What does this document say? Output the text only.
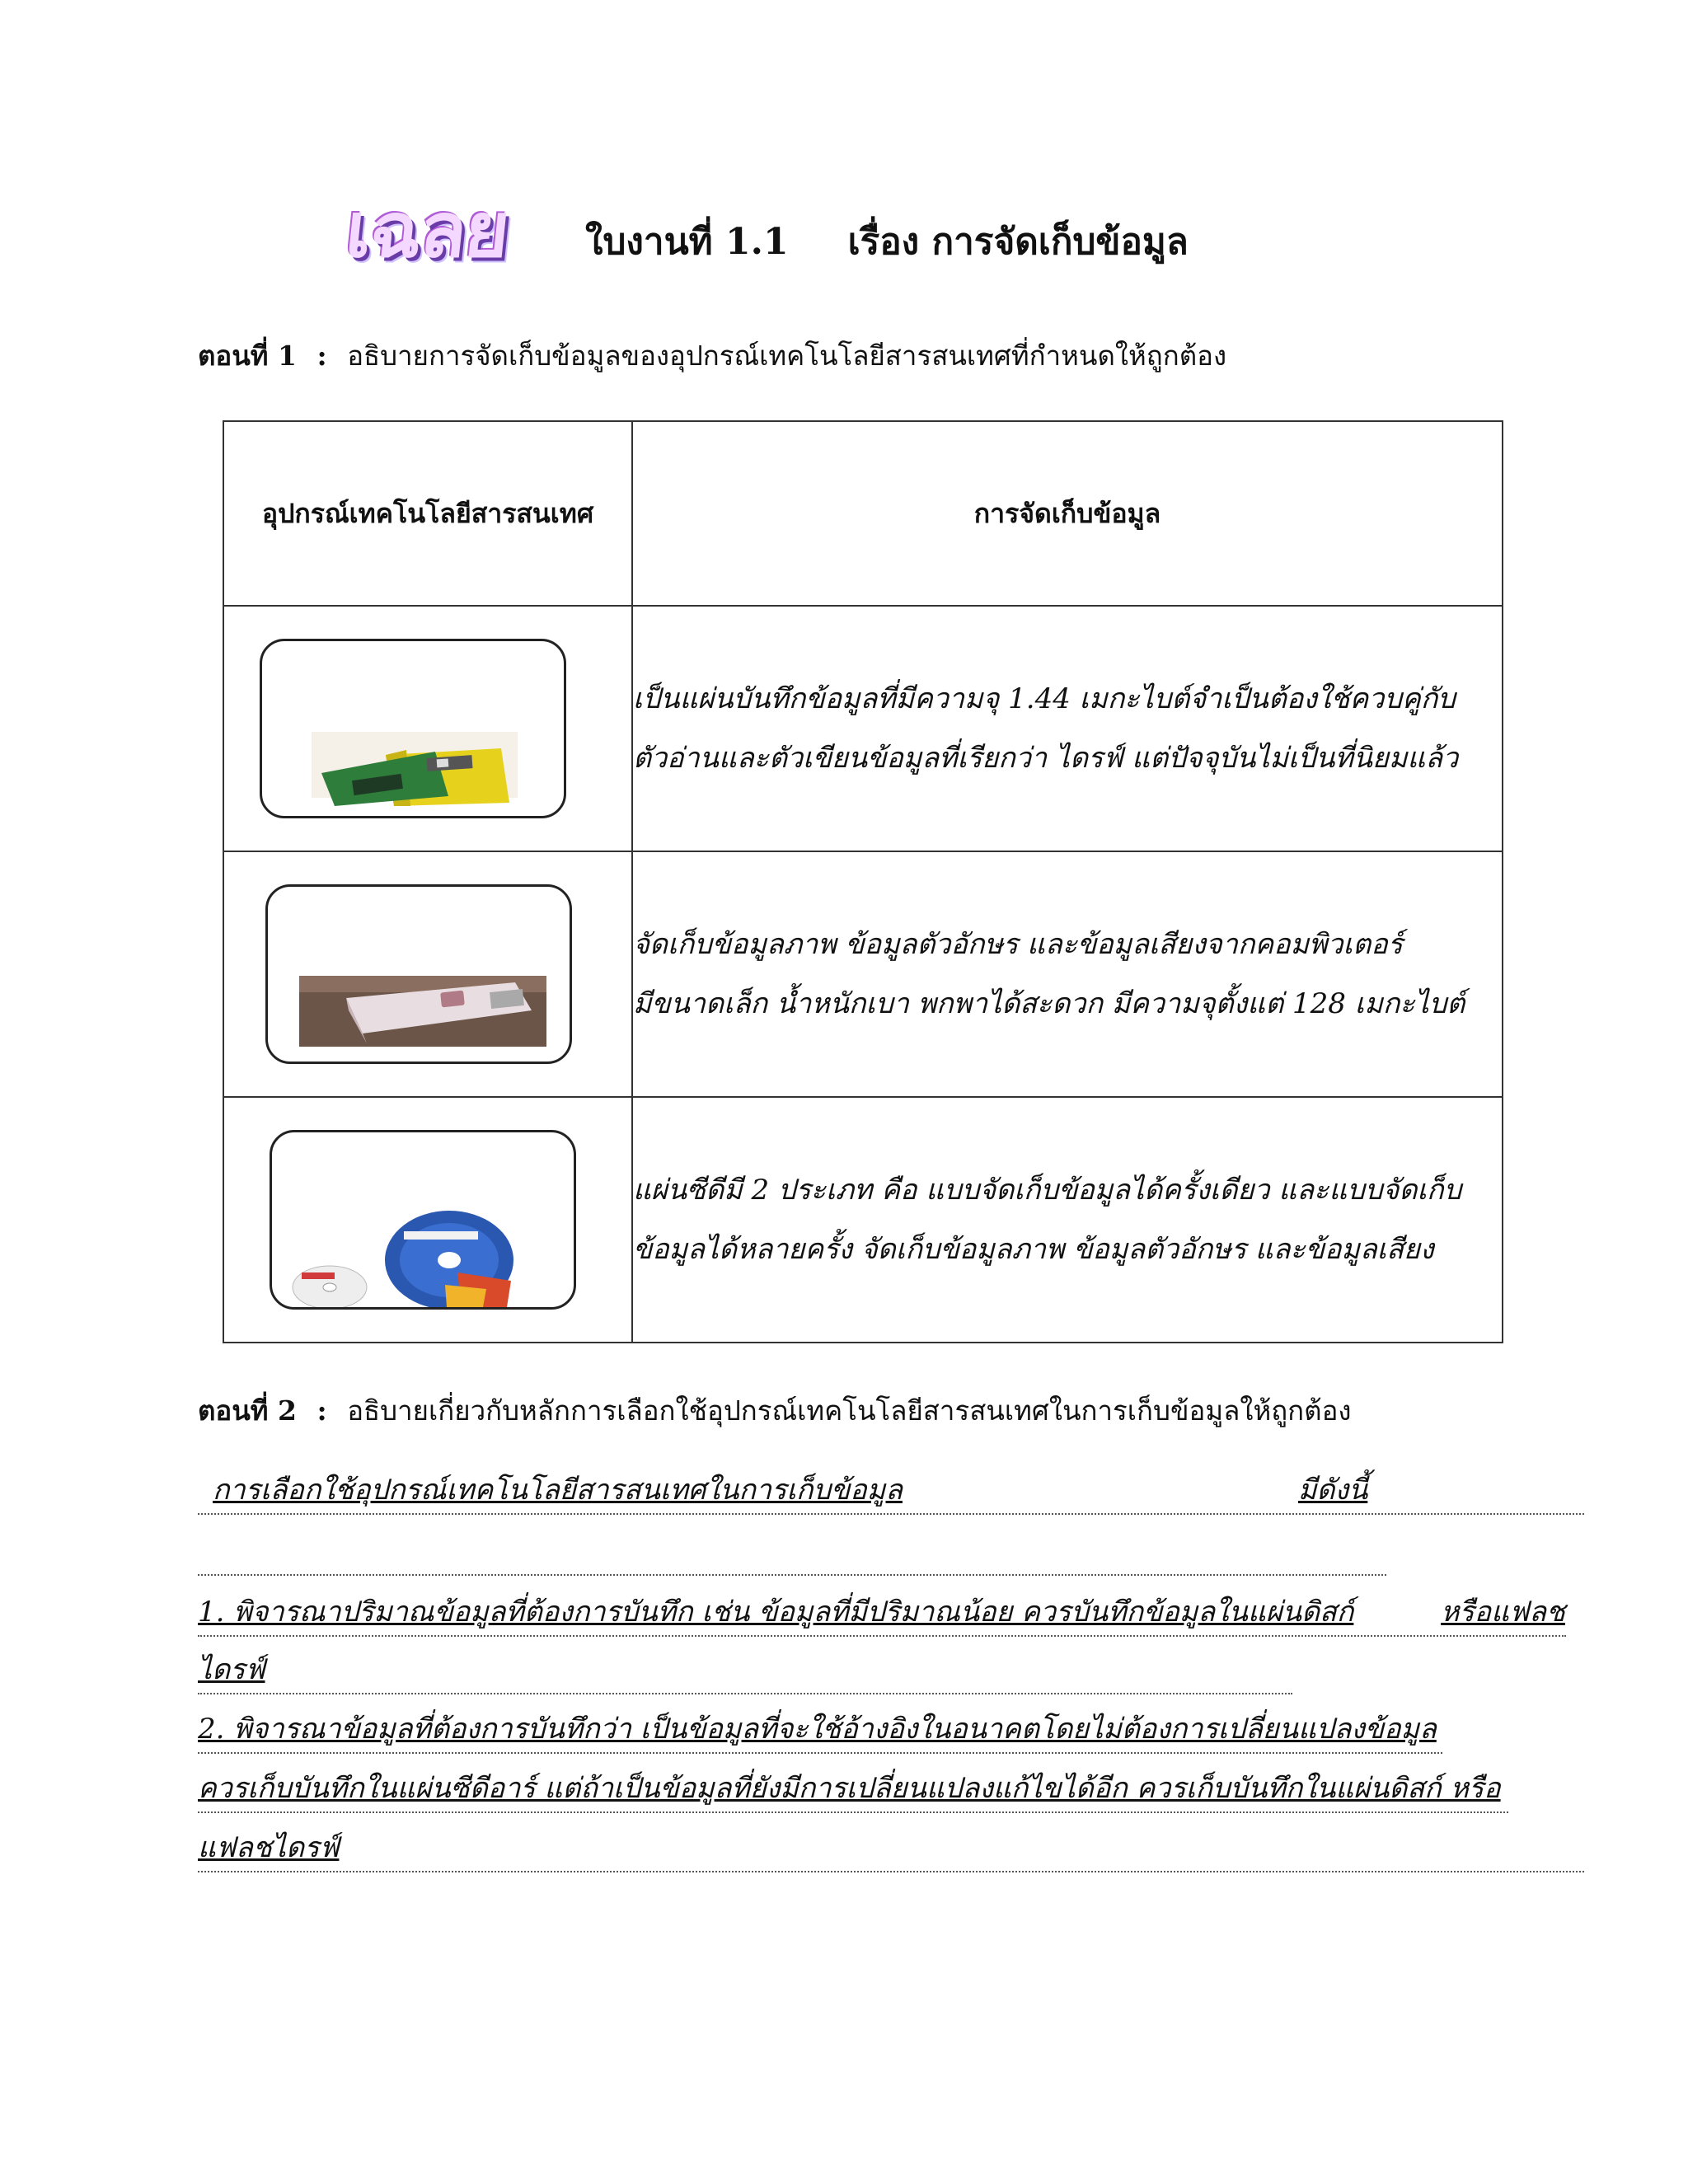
เฉลย ใบงานที่ 1.1 เรื่อง การจัดเก็บข้อมูล
ตอนที่ 1 : อธิบายการจัดเก็บข้อมูลของอุปกรณ์เทคโนโลยีสารสนเทศที่กำหนดให้ถูกต้อง
อุปกรณ์เทคโนโลยีสารสนเทศ	การจัดเก็บข้อมูล

เป็นแผ่นบันทึกข้อมูลที่มีความจุ 1.44 เมกะไบต์จำเป็นต้องใช้ควบคู่กับ
ตัวอ่านและตัวเขียนข้อมูลที่เรียกว่า ไดรฟ์ แต่ปัจจุบันไม่เป็นที่นิยมแล้ว

จัดเก็บข้อมูลภาพ ข้อมูลตัวอักษร และข้อมูลเสียงจากคอมพิวเตอร์
มีขนาดเล็ก น้ำหนักเบา พกพาได้สะดวก มีความจุตั้งแต่ 128 เมกะไบต์

แผ่นซีดีมี 2 ประเภท คือ แบบจัดเก็บข้อมูลได้ครั้งเดียว และแบบจัดเก็บ
ข้อมูลได้หลายครั้ง จัดเก็บข้อมูลภาพ ข้อมูลตัวอักษร และข้อมูลเสียง
ตอนที่ 2 : อธิบายเกี่ยวกับหลักการเลือกใช้อุปกรณ์เทคโนโลยีสารสนเทศในการเก็บข้อมูลให้ถูกต้อง
การเลือกใช้อุปกรณ์เทคโนโลยีสารสนเทศในการเก็บข้อมูล	มีดังนี้
1. พิจารณาปริมาณข้อมูลที่ต้องการบันทึก เช่น ข้อมูลที่มีปริมาณน้อย ควรบันทึกข้อมูลในแผ่นดิสก์	หรือแฟลช
ไดรฟ์
2. พิจารณาข้อมูลที่ต้องการบันทึกว่า เป็นข้อมูลที่จะใช้อ้างอิงในอนาคตโดยไม่ต้องการเปลี่ยนแปลงข้อมูล
ควรเก็บบันทึกในแผ่นซีดีอาร์ แต่ถ้าเป็นข้อมูลที่ยังมีการเปลี่ยนแปลงแก้ไขได้อีก ควรเก็บบันทึกในแผ่นดิสก์ หรือ
แฟลชไดรฟ์
